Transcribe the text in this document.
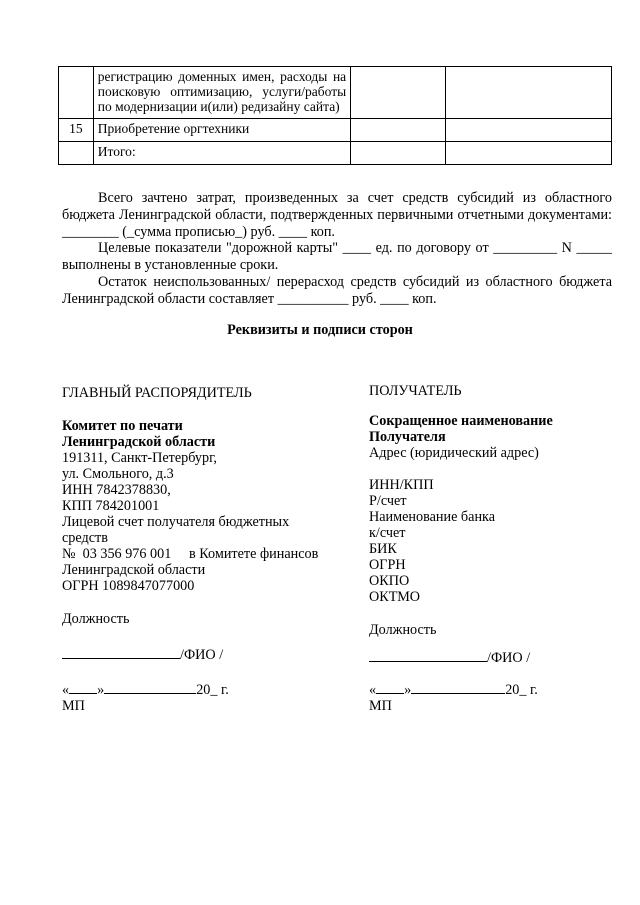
	регистрацию доменных имен, расходы на поисковую оптимизацию, услуги/работы по модернизации и(или) редизайну сайта)		
15	Приобретение оргтехники		
	Итого:		
Всего зачтено затрат, произведенных за счет средств субсидий из областного бюджета Ленинградской области, подтвержденных первичными отчетными документами: ________ (_сумма прописью_) руб. ____ коп.
Целевые показатели "дорожной карты" ____ ед. по договору от _________ N _____ выполнены в установленные сроки.
Остаток неиспользованных/ перерасход средств субсидий из областного бюджета Ленинградской области составляет __________ руб. ____ коп.
Реквизиты и подписи сторон
ГЛАВНЫЙ РАСПОРЯДИТЕЛЬ
Комитет по печати
Ленинградской области
191311, Санкт-Петербург,
ул. Смольного, д.3
ИНН 7842378830,
КПП 784201001
Лицевой счет получателя бюджетных
средств
№  03 356 976 001     в Комитете финансов
Ленинградской области
ОГРН 1089847077000
Должность
/ФИО /
« »	20_ г.
МП
ПОЛУЧАТЕЛЬ
Сокращенное наименование
Получателя
Адрес (юридический адрес)
ИНН/КПП
Р/счет
Наименование банка
к/счет
БИК
ОГРН
ОКПО
ОКТМО
Должность
/ФИО /
« »	20_ г.
МП
